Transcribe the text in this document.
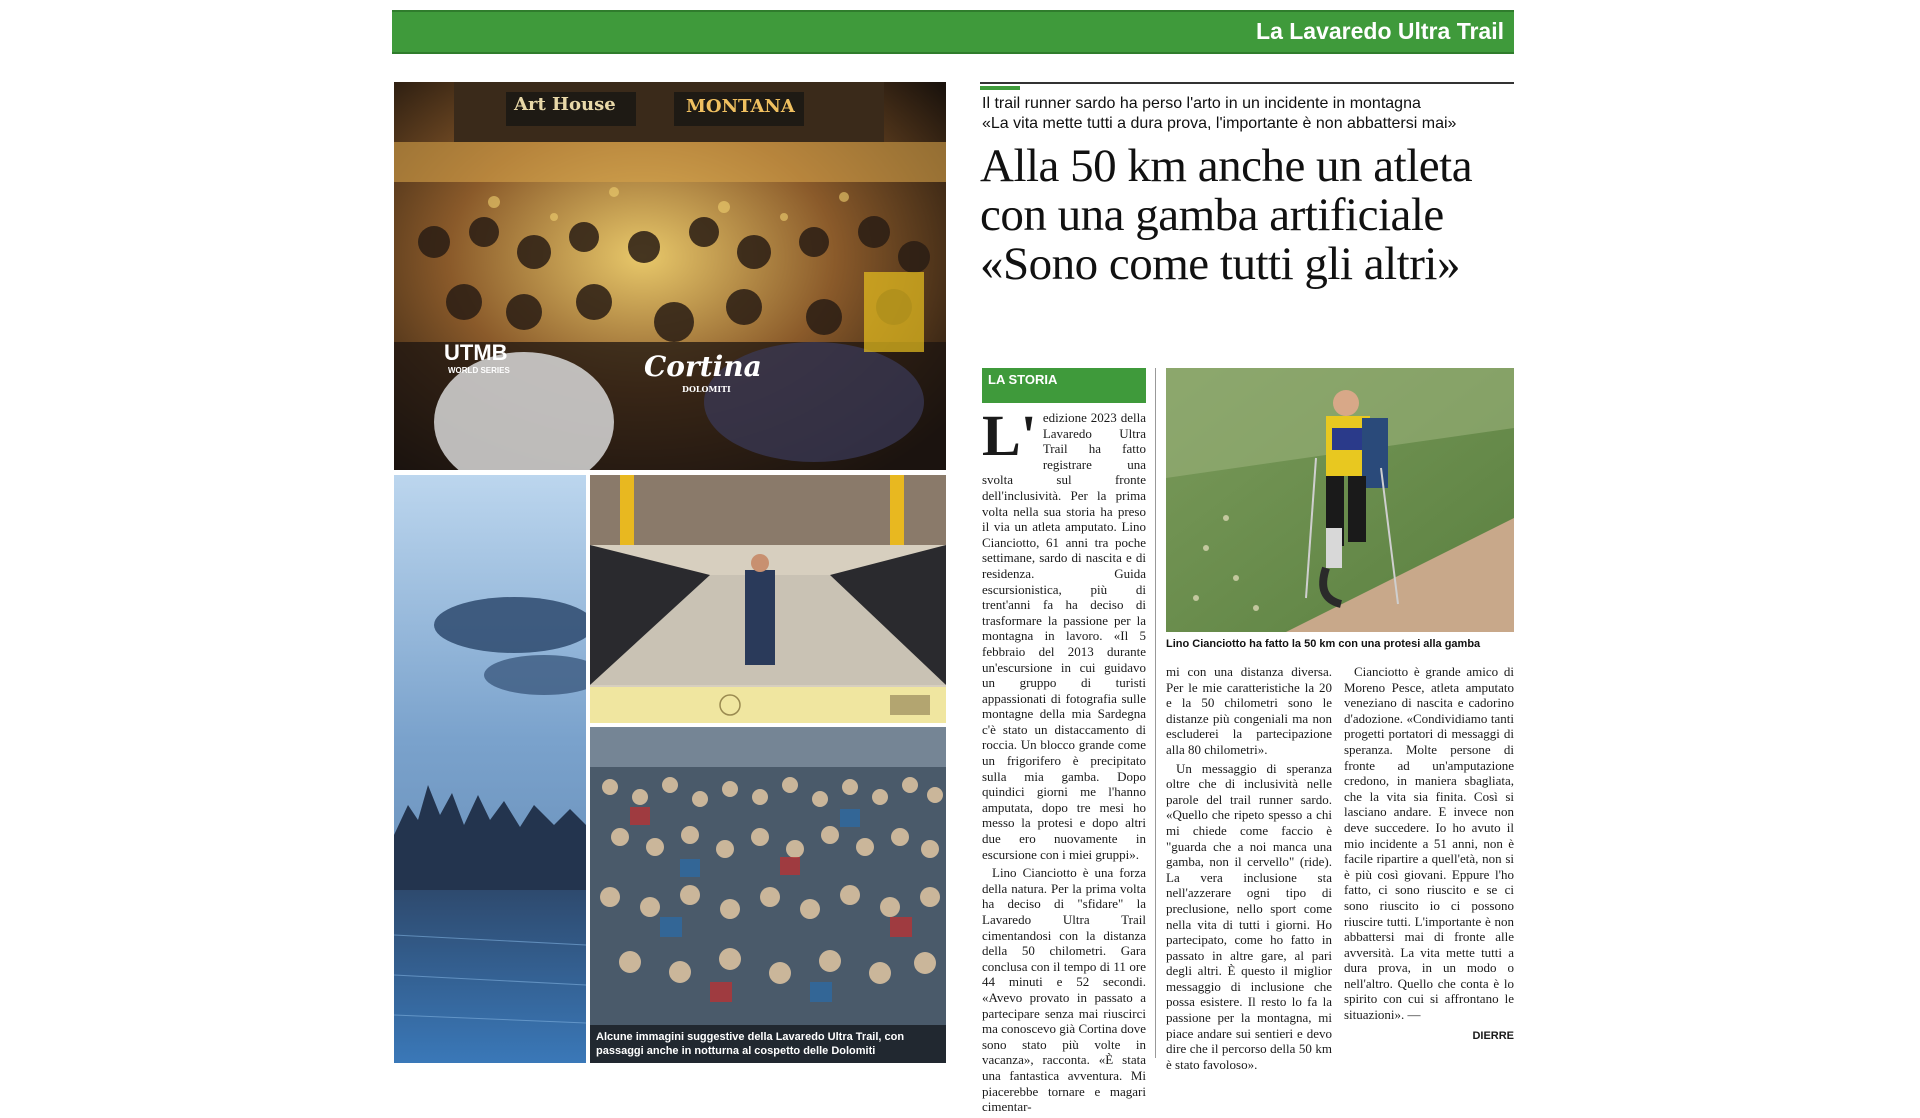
La Lavaredo Ultra Trail
Art House	MONTANA
Cortina
DOLOMITI
UTMB
WORLD SERIES
Alcune immagini suggestive della Lavaredo Ultra Trail, con passaggi anche in notturna al cospetto delle Dolomiti
Il trail runner sardo ha perso l'arto in un incidente in montagna
«La vita mette tutti a dura prova, l'importante è non abbattersi mai»
Alla 50 km anche un atleta
con una gamba artificiale
«Sono come tutti gli altri»
LA STORIA

L' edizione 2023 della Lavaredo Ultra Trail ha fatto registrare una svolta sul fronte dell'inclusività. Per la prima volta nella sua storia ha preso il via un atleta amputato. Lino Cianciotto, 61 anni tra poche settimane, sardo di nascita e di residenza. Guida escursionistica, più di trent'anni fa ha deciso di trasformare la passione per la montagna in lavoro. «Il 5 febbraio del 2013 durante un'escursione in cui guidavo un gruppo di turisti appassionati di fotografia sulle montagne della mia Sardegna c'è stato un distaccamento di roccia. Un blocco grande come un frigorifero è precipitato sulla mia gamba. Dopo quindici giorni me l'hanno amputata, dopo tre mesi ho messo la protesi e dopo altri due ero nuovamente in escursione con i miei gruppi».

Lino Cianciotto è una forza della natura. Per la prima volta ha deciso di "sfidare" la Lavaredo Ultra Trail cimentandosi con la distanza della 50 chilometri. Gara conclusa con il tempo di 11 ore 44 minuti e 52 secondi. «Avevo provato in passato a partecipare senza mai riuscirci ma conoscevo già Cortina dove sono stato più volte in vacanza», racconta. «È stata una fantastica avventura. Mi piacerebbe tornare e magari cimentar-

Lino Cianciotto ha fatto la 50 km con una protesi alla gamba

mi con una distanza diversa. Per le mie caratteristiche la 20 e la 50 chilometri sono le distanze più congeniali ma non escluderei la partecipazione alla 80 chilometri».

Un messaggio di speranza oltre che di inclusività nelle parole del trail runner sardo. «Quello che ripeto spesso a chi mi chiede come faccio è "guarda che a noi manca una gamba, non il cervello" (ride). La vera inclusione sta nell'azzerare ogni tipo di preclusione, nello sport come nella vita di tutti i giorni. Ho partecipato, come ho fatto in passato in altre gare, al pari degli altri. È questo il miglior messaggio di inclusione che possa esistere. Il resto lo fa la passione per la montagna, mi piace andare sui sentieri e devo dire che il percorso della 50 km è stato favoloso».

Cianciotto è grande amico di Moreno Pesce, atleta amputato veneziano di nascita e cadorino d'adozione. «Condividiamo tanti progetti portatori di messaggi di speranza. Molte persone di fronte ad un'amputazione credono, in maniera sbagliata, che la vita sia finita. Così si lasciano andare. E invece non deve succedere. Io ho avuto il mio incidente a 51 anni, non è facile ripartire a quell'età, non si è più così giovani. Eppure l'ho fatto, ci sono riuscito e se ci sono riuscito io ci possono riuscire tutti. L'importante è non abbattersi mai di fronte alle avversità. La vita mette tutti a dura prova, in un modo o nell'altro. Quello che conta è lo spirito con cui si affrontano le situazioni». —

DIERRE
